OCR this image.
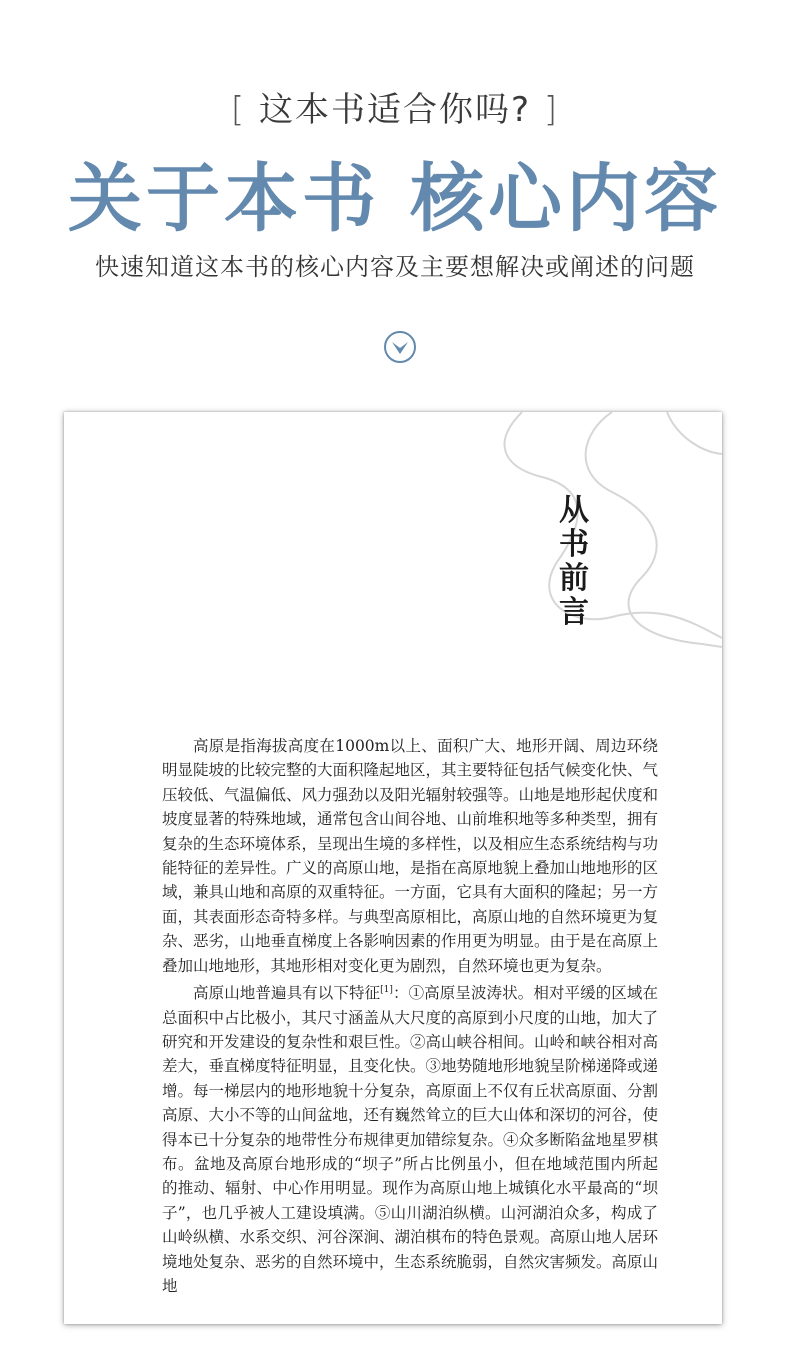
[ 这本书适合你吗? ]
关于本书 核心内容
快速知道这本书的核心内容及主要想解决或阐述的问题
从
书
前
言

高原是指海拔高度在1000m以上、面积广大、地形开阔、周边环绕明显陡坡的比较完整的大面积隆起地区，其主要特征包括气候变化快、气压较低、气温偏低、风力强劲以及阳光辐射较强等。山地是地形起伏度和坡度显著的特殊地域，通常包含山间谷地、山前堆积地等多种类型，拥有复杂的生态环境体系，呈现出生境的多样性，以及相应生态系统结构与功能特征的差异性。广义的高原山地，是指在高原地貌上叠加山地地形的区域，兼具山地和高原的双重特征。一方面，它具有大面积的隆起；另一方面，其表面形态奇特多样。与典型高原相比，高原山地的自然环境更为复杂、恶劣，山地垂直梯度上各影响因素的作用更为明显。由于是在高原上叠加山地地形，其地形相对变化更为剧烈，自然环境也更为复杂。

高原山地普遍具有以下特征[1]：①高原呈波涛状。相对平缓的区域在总面积中占比极小，其尺寸涵盖从大尺度的高原到小尺度的山地，加大了研究和开发建设的复杂性和艰巨性。②高山峡谷相间。山岭和峡谷相对高差大，垂直梯度特征明显，且变化快。③地势随地形地貌呈阶梯递降或递增。每一梯层内的地形地貌十分复杂，高原面上不仅有丘状高原面、分割高原、大小不等的山间盆地，还有巍然耸立的巨大山体和深切的河谷，使得本已十分复杂的地带性分布规律更加错综复杂。④众多断陷盆地星罗棋布。盆地及高原台地形成的“坝子”所占比例虽小，但在地域范围内所起的推动、辐射、中心作用明显。现作为高原山地上城镇化水平最高的“坝子”，也几乎被人工建设填满。⑤山川湖泊纵横。山河湖泊众多，构成了山岭纵横、水系交织、河谷深涧、湖泊棋布的特色景观。高原山地人居环境地处复杂、恶劣的自然环境中，生态系统脆弱，自然灾害频发。高原山地
